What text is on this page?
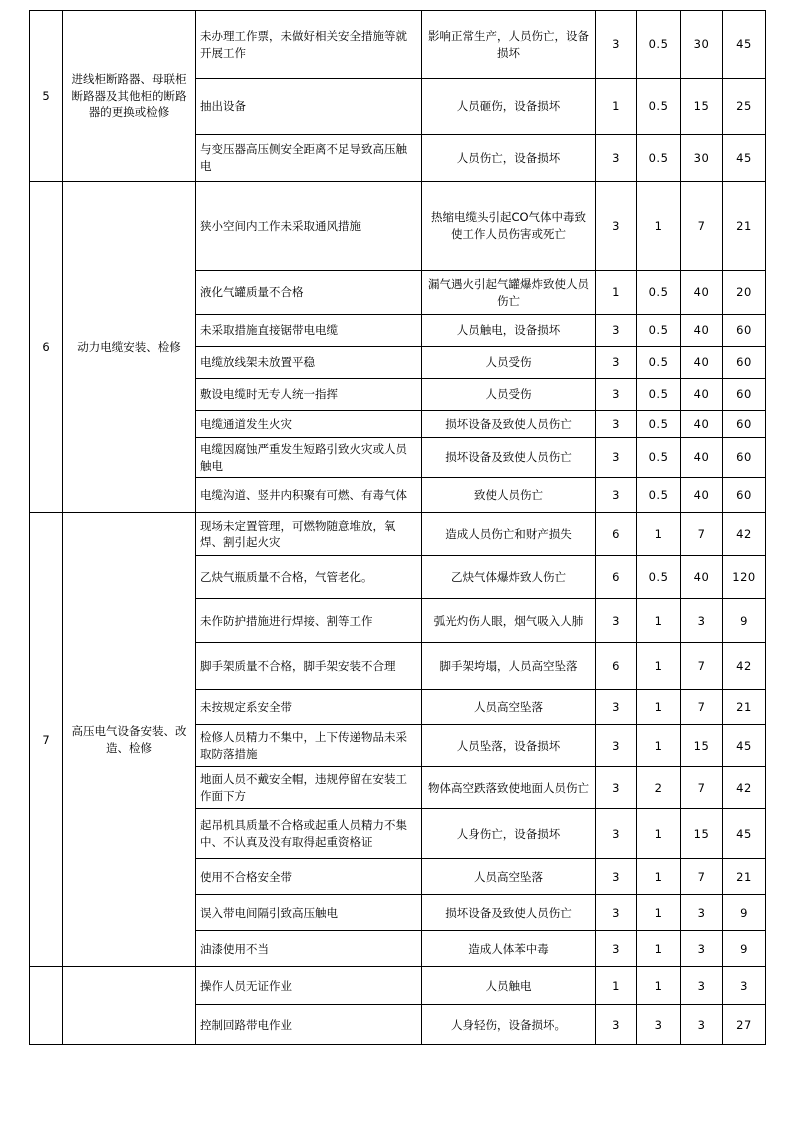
5	进线柜断路器、母联柜断路器及其他柜的断路器的更换或检修	未办理工作票，未做好相关安全措施等就开展工作	影响正常生产，人员伤亡，设备损坏	3	0.5	30	45
		抽出设备	人员砸伤，设备损坏	1	0.5	15	25
		与变压器高压侧安全距离不足导致高压触电	人员伤亡，设备损坏	3	0.5	30	45
6	动力电缆安装、检修	狭小空间内工作未采取通风措施	热缩电缆头引起CO气体中毒致使工作人员伤害或死亡	3	1	7	21
		液化气罐质量不合格	漏气遇火引起气罐爆炸致使人员伤亡	1	0.5	40	20
		未采取措施直接锯带电电缆	人员触电，设备损坏	3	0.5	40	60
		电缆放线架未放置平稳	人员受伤	3	0.5	40	60
		敷设电缆时无专人统一指挥	人员受伤	3	0.5	40	60
		电缆通道发生火灾	损坏设备及致使人员伤亡	3	0.5	40	60
		电缆因腐蚀严重发生短路引致火灾或人员触电	损坏设备及致使人员伤亡	3	0.5	40	60
		电缆沟道、竖井内积聚有可燃、有毒气体	致使人员伤亡	3	0.5	40	60
7	高压电气设备安装、改造、检修	现场未定置管理，可燃物随意堆放，氧焊、割引起火灾	造成人员伤亡和财产损失	6	1	7	42
		乙炔气瓶质量不合格，气管老化。	乙炔气体爆炸致人伤亡	6	0.5	40	120
		未作防护措施进行焊接、割等工作	弧光灼伤人眼，烟气吸入人肺	3	1	3	9
		脚手架质量不合格，脚手架安装不合理	脚手架垮塌，人员高空坠落	6	1	7	42
		未按规定系安全带	人员高空坠落	3	1	7	21
		检修人员精力不集中，上下传递物品未采取防落措施	人员坠落，设备损坏	3	1	15	45
		地面人员不戴安全帽，违规停留在安装工作面下方	物体高空跌落致使地面人员伤亡	3	2	7	42
		起吊机具质量不合格或起重人员精力不集中、不认真及没有取得起重资格证	人身伤亡，设备损坏	3	1	15	45
		使用不合格安全带	人员高空坠落	3	1	7	21
		误入带电间隔引致高压触电	损坏设备及致使人员伤亡	3	1	3	9
		油漆使用不当	造成人体苯中毒	3	1	3	9
		操作人员无证作业	人员触电	1	1	3	3
		控制回路带电作业	人身轻伤，设备损坏。	3	3	3	27
